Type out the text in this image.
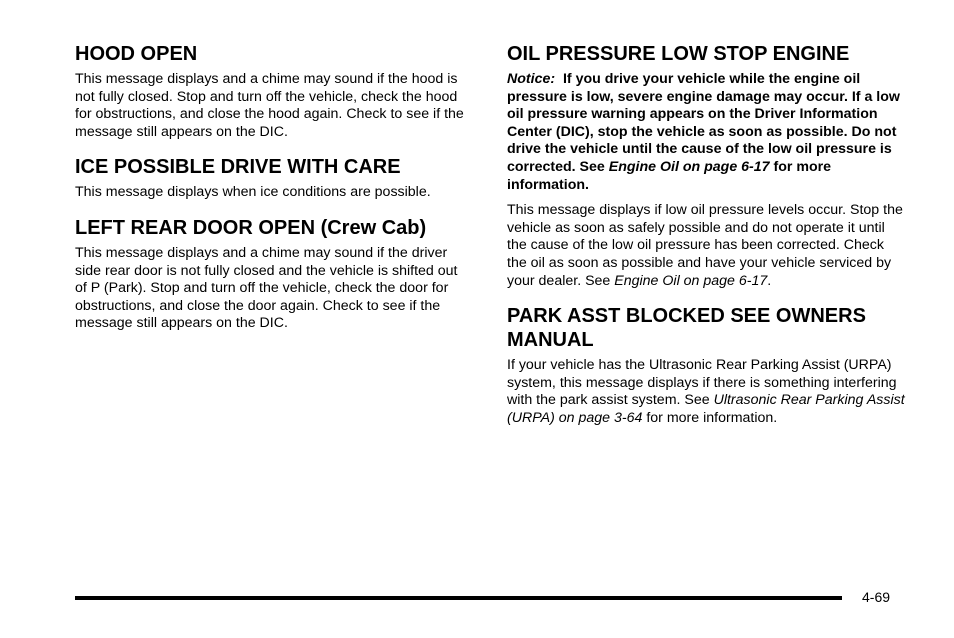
HOOD OPEN

This message displays and a chime may sound if the hood is not fully closed. Stop and turn off the vehicle, check the hood for obstructions, and close the hood again. Check to see if the message still appears on the DIC.

ICE POSSIBLE DRIVE WITH CARE

This message displays when ice conditions are possible.

LEFT REAR DOOR OPEN (Crew Cab)

This message displays and a chime may sound if the driver side rear door is not fully closed and the vehicle is shifted out of P (Park). Stop and turn off the vehicle, check the door for obstructions, and close the door again. Check to see if the message still appears on the DIC.

OIL PRESSURE LOW STOP ENGINE

Notice: If you drive your vehicle while the engine oil pressure is low, severe engine damage may occur. If a low oil pressure warning appears on the Driver Information Center (DIC), stop the vehicle as soon as possible. Do not drive the vehicle until the cause of the low oil pressure is corrected. See Engine Oil on page 6-17 for more information.

This message displays if low oil pressure levels occur. Stop the vehicle as soon as safely possible and do not operate it until the cause of the low oil pressure has been corrected. Check the oil as soon as possible and have your vehicle serviced by your dealer. See Engine Oil on page 6-17.

PARK ASST BLOCKED SEE OWNERS MANUAL

If your vehicle has the Ultrasonic Rear Parking Assist (URPA) system, this message displays if there is something interfering with the park assist system. See Ultrasonic Rear Parking Assist (URPA) on page 3-64 for more information.

4-69
